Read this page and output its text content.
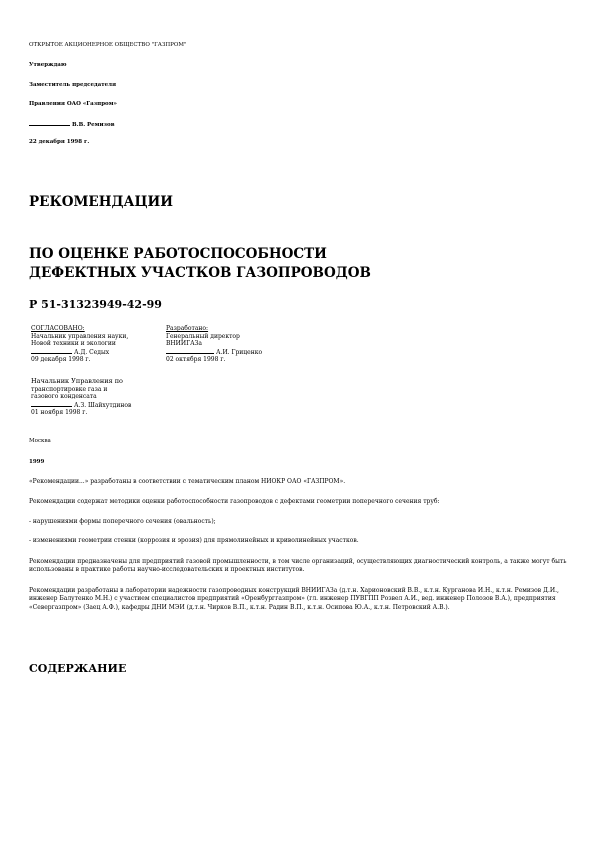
ОТКРЫТОЕ АКЦИОНЕРНОЕ ОБЩЕСТВО "ГАЗПРОМ"
Утверждаю
Заместитель председателя
Правления ОАО «Газпром»
В.В. Ремизов
22 декабря 1998 г.
РЕКОМЕНДАЦИИ
ПО ОЦЕНКЕ РАБОТОСПОСОБНОСТИ
ДЕФЕКТНЫХ УЧАСТКОВ ГАЗОПРОВОДОВ
Р 51-31323949-42-99
СОГЛАСОВАНО:
Начальник управления науки,
Новой техники и экологии
А.Д. Седых
09 декабря 1998 г.
Разработано:
Генеральный директор
ВНИИГАЗа
А.И. Гриценко
02 октября 1998 г.
Начальник Управления по
транспортировке газа и
газового конденсата
А.З. Шайхутдинов
01 ноября 1998 г.
Москва
1999
«Рекомендации...» разработаны в соответствии с тематическим планом НИОКР ОАО «ГАЗПРОМ».
Рекомендации содержат методики оценки работоспособности газопроводов с дефектами геометрии поперечного сечения труб:
- нарушениями формы поперечного сечения (овальность);
- изменениями геометрии стенки (коррозия и эрозия) для прямолинейных и криволинейных участков.
Рекомендации предназначены для предприятий газовой промышленности, в том числе организаций, осуществляющих диагностический контроль, а также могут быть использованы в практике работы научно-исследовательских и проектных институтов.
Рекомендации разработаны в лаборатории надежности газопроводных конструкций ВНИИГАЗа (д.т.н. Харионовский В.В., к.т.н. Курганова И.Н., к.т.н. Ремизов Д.И., инженер Балутенко М.Н.) с участием специалистов предприятий «Оренбурггазпром» (гл. инженер ПУВГПП Розвел А.И., вед. инженер Полозов В.А.), предприятия «Севергазпром» (Заец А.Ф.), кафедры ДНИ МЭИ (д.т.н. Чирков В.П., к.т.н. Радин В.П., к.т.н. Осипова Ю.А., к.т.н. Петровский А.В.).
СОДЕРЖАНИЕ
